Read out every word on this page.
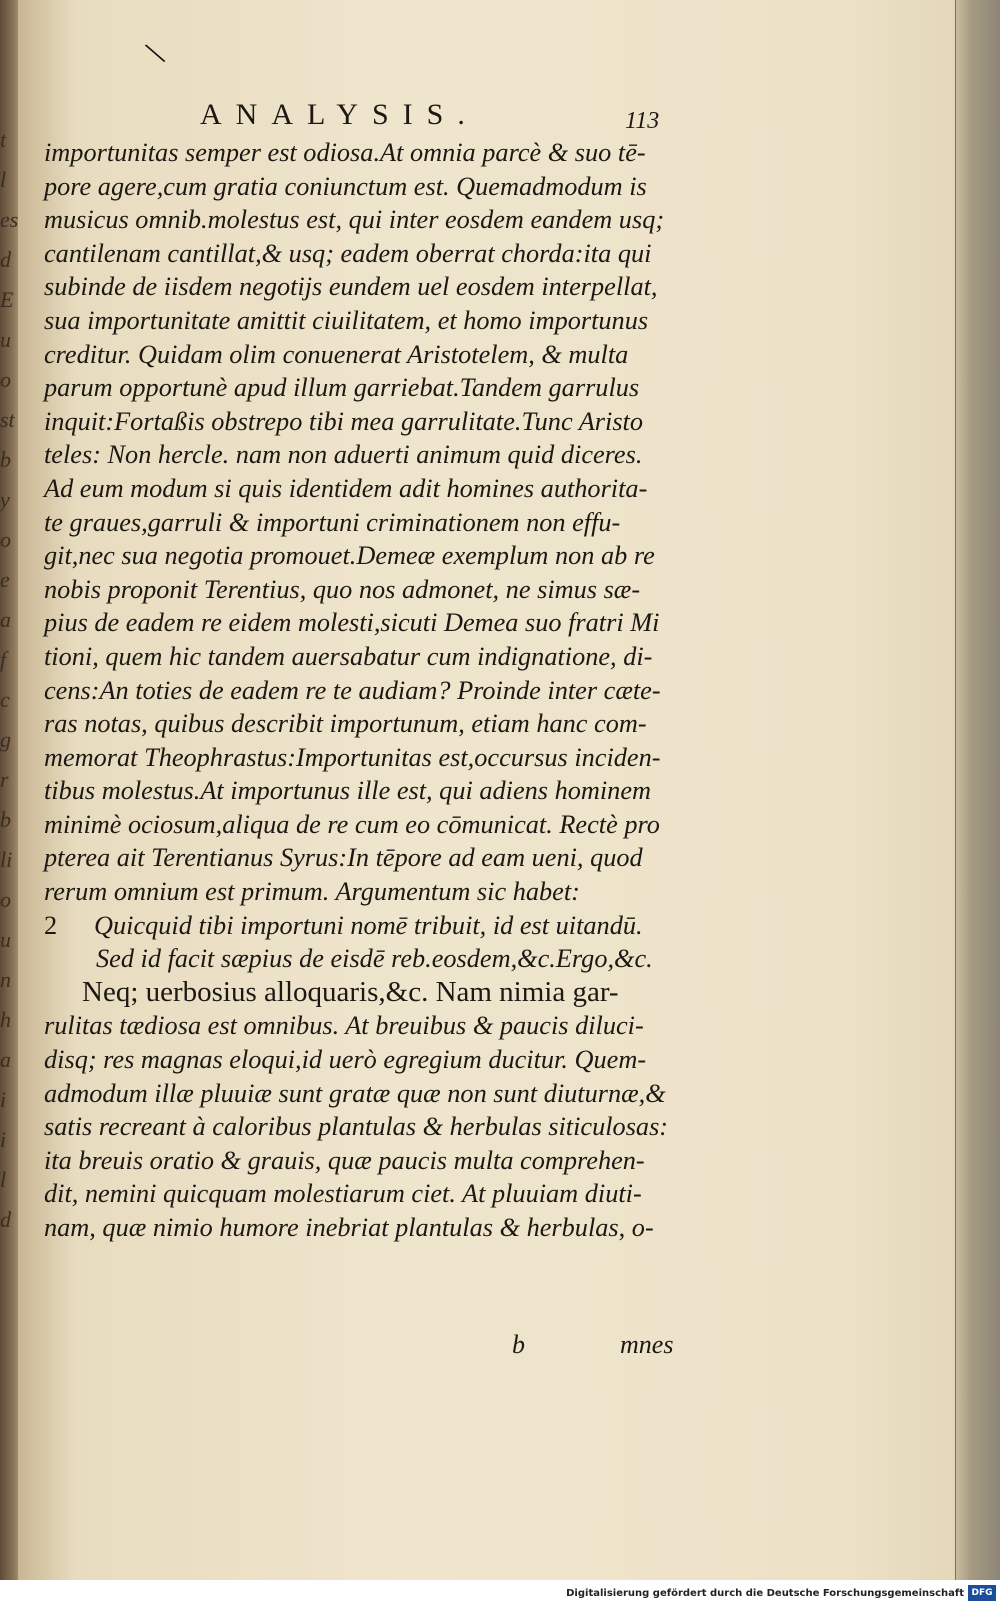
t
l
es
d
E
u
o
st
b
y
o
e
a
f
c
g
r
b
li
o
u
n
h
a
i
i
l
d
\
ANALYSIS.	113
importunitas semper est odiosa.At omnia parcè & suo tē-
pore agere,cum gratia coniunctum est. Quemadmodum is
musicus omnib.molestus est, qui inter eosdem eandem usq;
cantilenam cantillat,& usq; eadem oberrat chorda:ita qui
subinde de iisdem negotijs eundem uel eosdem interpellat,
sua importunitate amittit ciuilitatem, et homo importunus
creditur. Quidam olim conuenerat Aristotelem, & multa
parum opportunè apud illum garriebat.Tandem garrulus
inquit:Fortaßis obstrepo tibi mea garrulitate.Tunc Aristo
teles: Non hercle. nam non aduerti animum quid diceres.
Ad eum modum si quis identidem adit homines authorita-
te graues,garruli & importuni criminationem non effu-
git,nec sua negotia promouet.Demeæ exemplum non ab re
nobis proponit Terentius, quo nos admonet, ne simus sæ-
pius de eadem re eidem molesti,sicuti Demea suo fratri Mi
tioni, quem hic tandem auersabatur cum indignatione, di-
cens:An toties de eadem re te audiam? Proinde inter cæte-
ras notas, quibus describit importunum, etiam hanc com-
memorat Theophrastus:Importunitas est,occursus inciden-
tibus molestus.At importunus ille est, qui adiens hominem
minimè ociosum,aliqua de re cum eo cōmunicat. Rectè pro
pterea ait Terentianus Syrus:In tēpore ad eam ueni, quod
rerum omnium est primum. Argumentum sic habet:
2 Quicquid tibi importuni nomē tribuit, id est uitandū.
Sed id facit sæpius de eisdē reb.eosdem,&c.Ergo,&c.
Neq; uerbosius alloquaris,&c. Nam nimia gar-
rulitas tædiosa est omnibus. At breuibus & paucis diluci-
disq; res magnas eloqui,id uerò egregium ducitur. Quem-
admodum illæ pluuiæ sunt gratæ quæ non sunt diuturnæ,&
satis recreant à caloribus plantulas & herbulas siticulosas:
ita breuis oratio & grauis, quæ paucis multa comprehen-
dit, nemini quicquam molestiarum ciet. At pluuiam diuti-
nam, quæ nimio humore inebriat plantulas & herbulas, o-
b	mnes
Digitalisierung gefördert durch die Deutsche Forschungsgemeinschaft DFG
